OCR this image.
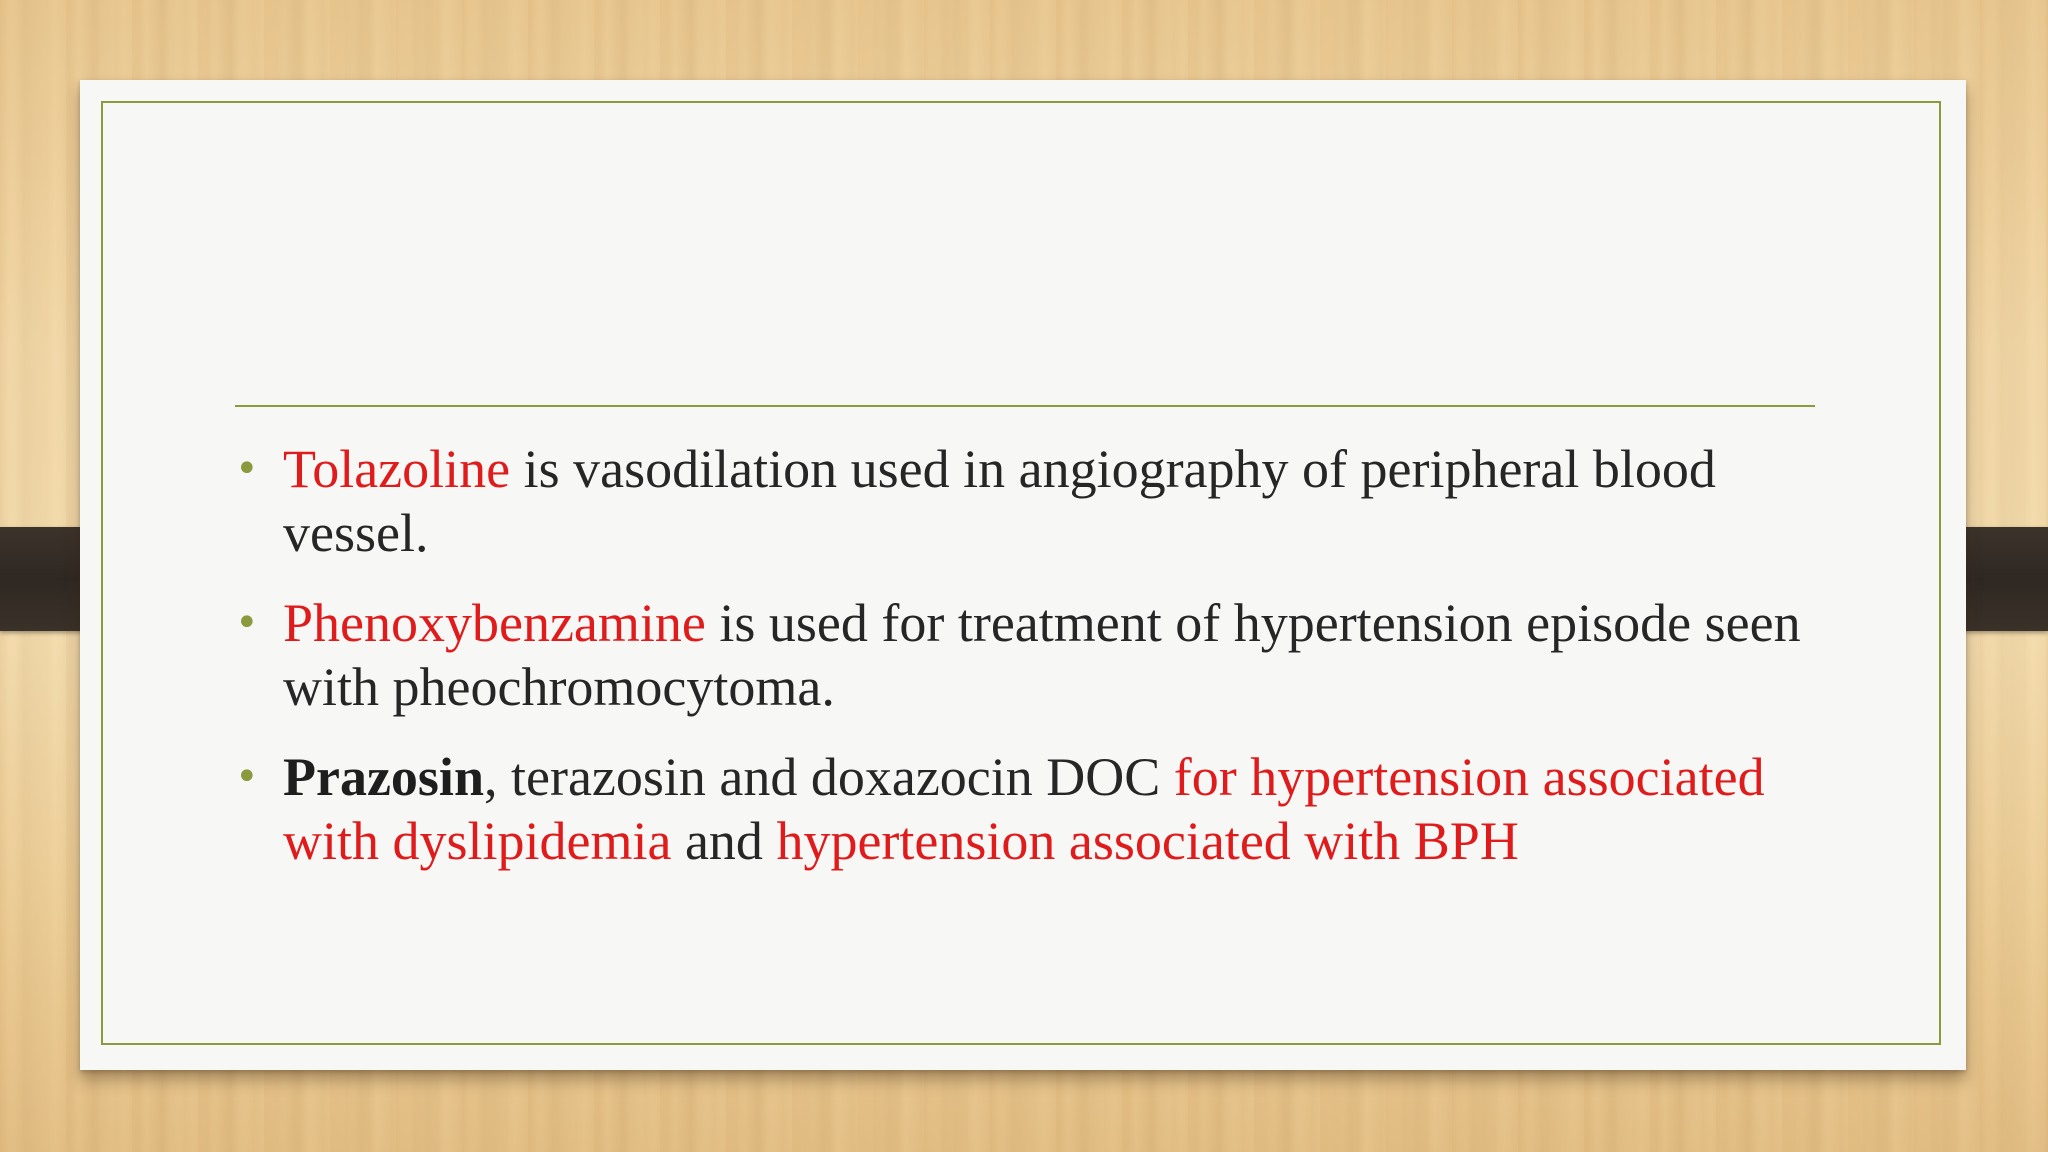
• Tolazoline is vasodilation used in angiography of peripheral blood vessel.
• Phenoxybenzamine is used for treatment of hypertension episode seen with pheochromocytoma.
• Prazosin, terazosin and doxazocin DOC for hypertension associated with dyslipidemia and hypertension associated with BPH
